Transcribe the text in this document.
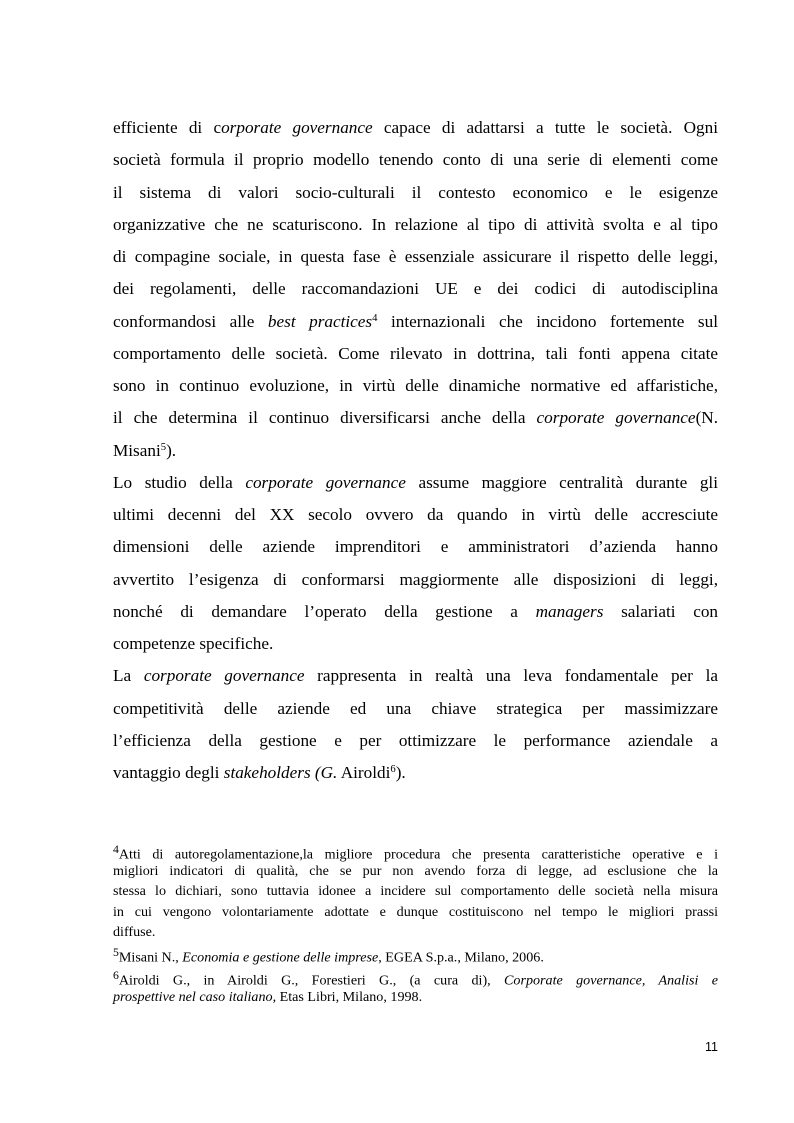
efficiente di corporate governance capace di adattarsi a tutte le società. Ogni
società formula il proprio modello tenendo conto di una serie di elementi come
il sistema di valori socio-culturali il contesto economico e le esigenze
organizzative che ne scaturiscono. In relazione al tipo di attività svolta e al tipo
di compagine sociale, in questa fase è essenziale assicurare il rispetto delle leggi,
dei regolamenti, delle raccomandazioni UE e dei codici di autodisciplina
conformandosi alle best practices$^4$ internazionali che incidono fortemente sul
comportamento delle società. Come rilevato in dottrina, tali fonti appena citate
sono in continuo evoluzione, in virtù delle dinamiche normative ed affaristiche,
il che determina il continuo diversificarsi anche della corporate governance(N.
Misani$^5$).
Lo studio della corporate governance assume maggiore centralità durante gli
ultimi decenni del XX secolo ovvero da quando in virtù delle accresciute
dimensioni delle aziende imprenditori e amministratori d’azienda hanno
avvertito l’esigenza di conformarsi maggiormente alle disposizioni di leggi,
nonché di demandare l’operato della gestione a managers salariati con
competenze specifiche.
La corporate governance rappresenta in realtà una leva fondamentale per la
competitività delle aziende ed una chiave strategica per massimizzare
l’efficienza della gestione e per ottimizzare le performance aziendale a
vantaggio degli stakeholders (G. Airoldi$^6$).
$^4$Atti di autoregolamentazione,la migliore procedura che presenta caratteristiche operative e i
migliori indicatori di qualità, che se pur non avendo forza di legge, ad esclusione che la
stessa lo dichiari, sono tuttavia idonee a incidere sul comportamento delle società nella misura
in cui vengono volontariamente adottate e dunque costituiscono nel tempo le migliori prassi
diffuse.
$^5$Misani N., Economia e gestione delle imprese, EGEA S.p.a., Milano, 2006.
$^6$Airoldi G., in Airoldi G., Forestieri G., (a cura di), Corporate governance, Analisi e
prospettive nel caso italiano, Etas Libri, Milano, 1998.
11
